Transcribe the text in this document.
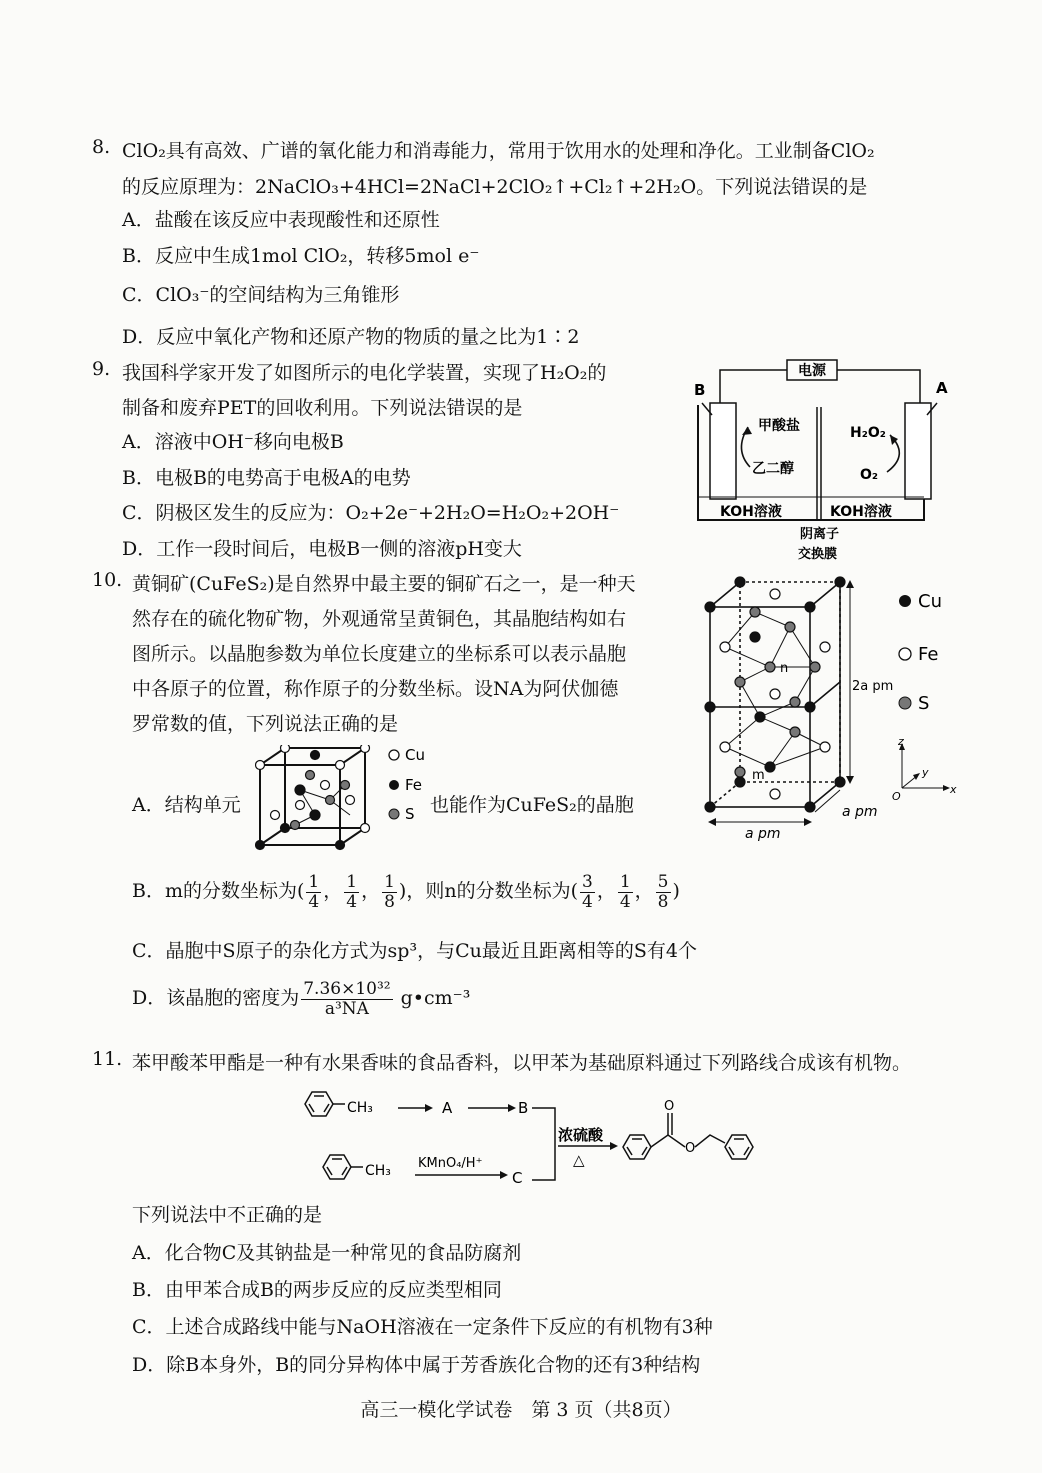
8. ClO₂具有高效、广谱的氧化能力和消毒能力，常用于饮用水的处理和净化。工业制备ClO₂
的反应原理为：2NaClO₃+4HCl=2NaCl+2ClO₂↑+Cl₂↑+2H₂O。下列说法错误的是
A．盐酸在该反应中表现酸性和还原性
B．反应中生成1mol ClO₂，转移5mol e⁻
C．ClO₃⁻的空间结构为三角锥形
D．反应中氧化产物和还原产物的物质的量之比为1∶2
9. 我国科学家开发了如图所示的电化学装置，实现了H₂O₂的
制备和废弃PET的回收利用。下列说法错误的是
A．溶液中OH⁻移向电极B
B．电极B的电势高于电极A的电势
C．阴极区发生的反应为：O₂+2e⁻+2H₂O=H₂O₂+2OH⁻
D．工作一段时间后，电极B一侧的溶液pH变大
电源
B	A
甲酸盐
乙二醇
H₂O₂
O₂
KOH溶液	KOH溶液
阴离子
交换膜
10. 黄铜矿(CuFeS₂)是自然界中最主要的铜矿石之一，是一种天
然存在的硫化物矿物，外观通常呈黄铜色，其晶胞结构如右
图所示。以晶胞参数为单位长度建立的坐标系可以表示晶胞
中各原子的位置，称作原子的分数坐标。设NA为阿伏伽德
罗常数的值，下列说法正确的是
A．结构单元
Cu
Fe
S 也能作为CuFeS₂的晶胞
n
m
2a pm
a pm
a pm
Cu
Fe
S
z
y
x
O
B．m的分数坐标为( $\frac{1}{4}$ ， $\frac{1}{4}$ ， $\frac{1}{8}$ )，则n的分数坐标为( $\frac{3}{4}$ ， $\frac{1}{4}$ ， $\frac{5}{8}$ )
C．晶胞中S原子的杂化方式为sp³，与Cu最近且距离相等的S有4个
D．该晶胞的密度为 $\frac{\text{7.36×10³²}}{\text{a³NA}}$ g•cm⁻³
11. 苯甲酸苯甲酯是一种有水果香味的食品香料，以甲苯为基础原料通过下列路线合成该有机物。
CH₃
CH₃
A	B
C
KMnO₄/H⁺
浓硫酸
△
O
O
下列说法中不正确的是
A．化合物C及其钠盐是一种常见的食品防腐剂
B．由甲苯合成B的两步反应的反应类型相同
C．上述合成路线中能与NaOH溶液在一定条件下反应的有机物有3种
D．除B本身外，B的同分异构体中属于芳香族化合物的还有3种结构
高三一模化学试卷　第 3 页（共8页）
